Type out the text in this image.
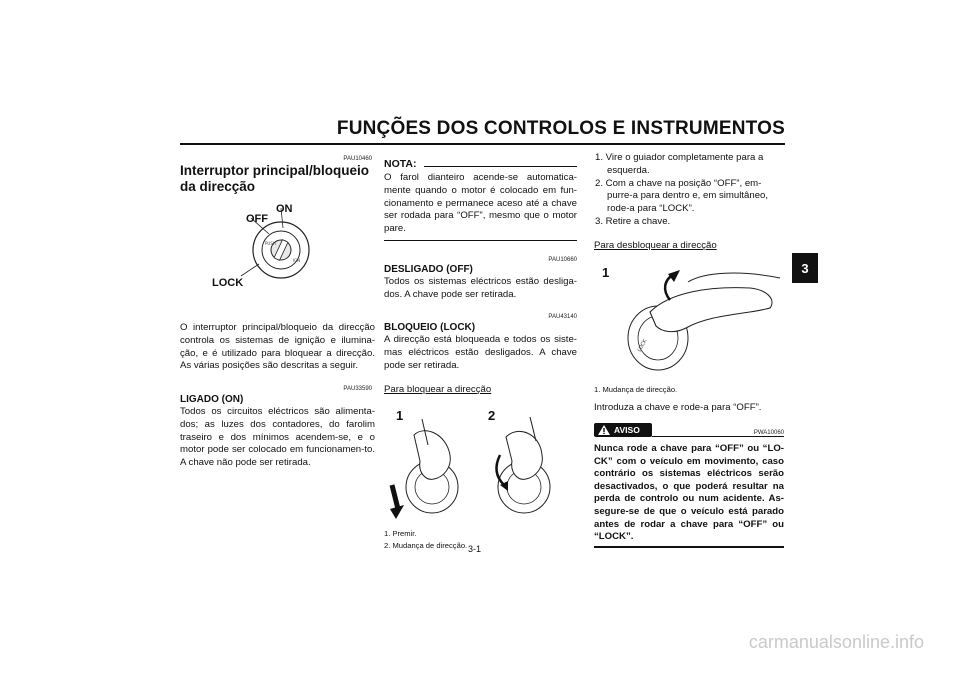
FUNÇÕES DOS CONTROLOS E INSTRUMENTOS
3
PAU10460
Interruptor principal/bloqueio da direcção
PUSH
IGN
ON
OFF
LOCK
O interruptor principal/bloqueio da direcção controla os sistemas de ignição e ilumina-ção, e é utilizado para bloquear a direcção. As várias posições são descritas a seguir.
PAU33590
LIGADO (ON)
Todos os circuitos eléctricos são alimenta-dos; as luzes dos contadores, do farolim traseiro e dos mínimos acendem-se, e o motor pode ser colocado em funcionamen-to. A chave não pode ser retirada.
NOTA:
O farol dianteiro acende-se automatica-mente quando o motor é colocado em fun-cionamento e permanece aceso até a chave ser rodada para “OFF”, mesmo que o motor pare.
PAU10660
DESLIGADO (OFF)
Todos os sistemas eléctricos estão desliga-dos. A chave pode ser retirada.
PAU43140
BLOQUEIO (LOCK)
A direcção está bloqueada e todos os siste-mas eléctricos estão desligados. A chave pode ser retirada.
Para bloquear a direcção
1	2
1. Premir.
2. Mudança de direcção.
1. Vire o guiador completamente para a esquerda.
2. Com a chave na posição “OFF”, em-purre-a para dentro e, em simultâneo, rode-a para “LOCK”.
3. Retire a chave.
Para desbloquear a direcção
1
LOCK
1. Mudança de direcção.
Introduza a chave e rode-a para “OFF”.
AVISO	PWA10060
Nunca rode a chave para “OFF” ou “LO-CK” com o veículo em movimento, caso contrário os sistemas eléctricos serão desactivados, o que poderá resultar na perda de controlo ou num acidente. As-segure-se de que o veículo está parado antes de rodar a chave para “OFF” ou “LOCK”.
3-1
carmanualsonline.info
